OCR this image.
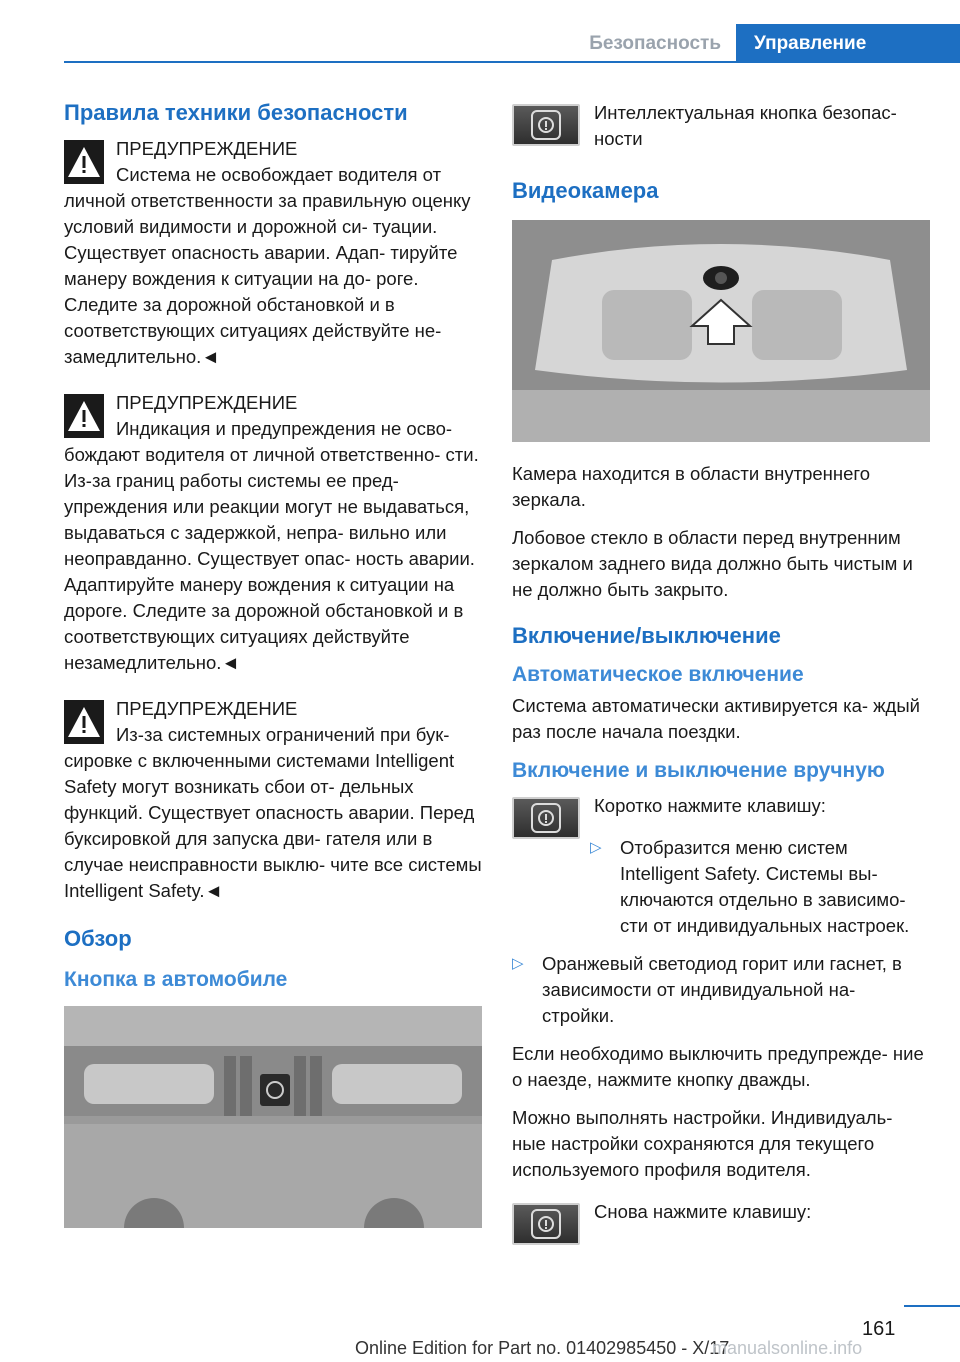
Безопасность	Управление
Правила техники безопасности
ПРЕДУПРЕЖДЕНИЕ
Система не освобождает водителя от личной ответственности за правильную оценку условий видимости и дорожной си- туации. Существует опасность аварии. Адап- тируйте манеру вождения к ситуации на до- роге. Следите за дорожной обстановкой и в соответствующих ситуациях действуйте не- замедлительно.◄
ПРЕДУПРЕЖДЕНИЕ
Индикация и предупреждения не осво- бождают водителя от личной ответственно- сти. Из-за границ работы системы ее пред- упреждения или реакции могут не выдаваться, выдаваться с задержкой, непра- вильно или неоправданно. Существует опас- ность аварии. Адаптируйте манеру вождения к ситуации на дороге. Следите за дорожной обстановкой и в соответствующих ситуациях действуйте незамедлительно.◄
ПРЕДУПРЕЖДЕНИЕ
Из-за системных ограничений при бук- сировке с включенными системами Intelligent Safety могут возникать сбои от- дельных функций. Существует опасность аварии. Перед буксировкой для запуска дви- гателя или в случае неисправности выклю- чите все системы Intelligent Safety.◄
Обзор
Кнопка в автомобиле

Интеллектуальная кнопка безопас- ности

Видеокамера

Камера находится в области внутреннего зеркала.

Лобовое стекло в области перед внутренним зеркалом заднего вида должно быть чистым и не должно быть закрыто.

Включение/выключение
Автоматическое включение

Система автоматически активируется ка- ждый раз после начала поездки.

Включение и выключение вручную

Коротко нажмите клавишу:

▷ Отобразится меню систем Intelligent Safety. Системы вы- ключаются отдельно в зависимо- сти от индивидуальных настроек.
▷ Оранжевый светодиод горит или гаснет, в зависимости от индивидуальной на- стройки.

Если необходимо выключить предупрежде- ние о наезде, нажмите кнопку дважды.

Можно выполнять настройки. Индивидуаль- ные настройки сохраняются для текущего используемого профиля водителя.

Снова нажмите клавишу:

161
Online Edition for Part no. 01402985450 - X/17
manualsonline.info
